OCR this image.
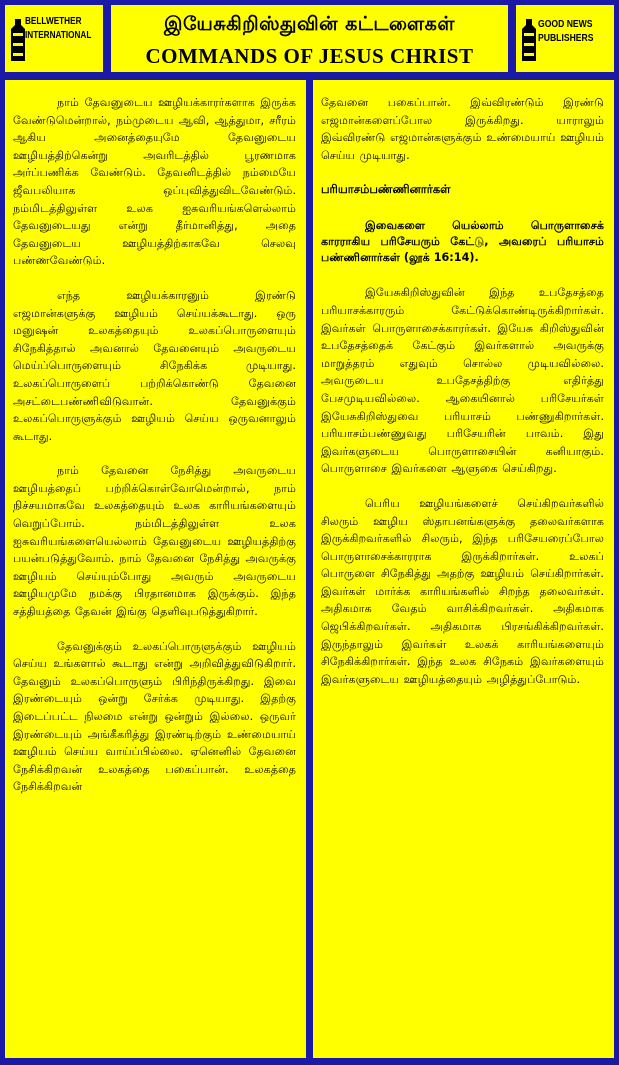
BELLWETHER
INTERNATIONAL
இயேசுகிறிஸ்துவின் கட்டளைகள்
COMMANDS OF JESUS CHRIST
GOOD NEWS
PUBLISHERS

நாம் தேவனுடைய ஊழியக்காரர்களாக இருக்க வேண்டுமென்றால், நம்முடைய ஆவி, ஆத்துமா, சரீரம் ஆகிய அனைத்தையுமே தேவனுடைய ஊழியத்திற்கென்று அவரிடத்தில் பூரணமாக அர்ப்பணிக்க வேண்டும். தேவனிடத்தில் நம்மையே ஜீவபலியாக ஒப்புவித்துவிடவேண்டும். நம்மிடத்திலுள்ள உலக ஐசுவரியங்களெல்லாம் தேவனுடையது என்று தீர்மானித்து, அதை தேவனுடைய ஊழியத்திற்காகவே செலவு பண்ணவேண்டும்.

எந்த ஊழியக்காரனும் இரண்டு எஜமான்களுக்கு ஊழியம் செய்யக்கூடாது. ஒரு மனுஷன் உலகத்தையும் உலகப்பொருளையும் சிநேகித்தால் அவனால் தேவனையும் அவருடைய மெய்ப்பொருளையும் சிநேகிக்க முடியாது. உலகப்பொருளைப் பற்றிக்கொண்டு தேவனை அசட்டைபண்ணிவிடுவான். தேவனுக்கும் உலகப்பொருளுக்கும் ஊழியம் செய்ய ஒருவனாலும் கூடாது.

நாம் தேவனை நேசித்து அவருடைய ஊழியத்தைப் பற்றிக்கொள்வோமென்றால், நாம் நிச்சயமாகவே உலகத்தையும் உலக காரியங்களையும் வெறுப்போம். நம்மிடத்திலுள்ள உலக ஐசுவரியங்களையெல்லாம் தேவனுடைய ஊழியத்திற்கு பயன்படுத்துவோம். நாம் தேவனை நேசித்து அவருக்கு ஊழியம் செய்யும்போது அவரும் அவருடைய ஊழியமுமே நமக்கு பிரதானமாக இருக்கும். இந்த சத்தியத்தை தேவன் இங்கு தெளிவுபடுத்துகிறார்.

தேவனுக்கும் உலகப்பொருளுக்கும் ஊழியம் செய்ய உங்களால் கூடாது என்று அறிவித்துவிடுகிறார். தேவனும் உலகப்பொருளும் பிரிந்திருக்கிறது. இவை இரண்டையும் ஒன்று சேர்க்க முடியாது. இதற்கு இடைப்பட்ட நிலமை என்று ஒன்றும் இல்லை. ஒருவர் இரண்டையும் அங்கீகரித்து இரண்டிற்கும் உண்மையாய் ஊழியம் செய்ய வாய்ப்பில்லை. ஏனெனில் தேவனை நேசிக்கிறவன் உலகத்தை பகைப்பான். உலகத்தை நேசிக்கிறவன்

தேவனை பகைப்பான். இவ்விரண்டும் இரண்டு எஜமான்களைப்போல இருக்கிறது. யாராலும் இவ்விரண்டு எஜமான்களுக்கும் உண்மையாய் ஊழியம் செய்ய முடியாது.

பரியாசம்பண்ணினார்கள்

இவைகளை யெல்லாம் பொருளாசைக் காரராகிய பரிசேயரும் கேட்டு, அவரைப் பரியாசம் பண்ணினார்கள் (லூக் 16:14).

இயேசுகிறிஸ்துவின் இந்த உபதேசத்தை பரியாசக்காரரும் கேட்டுக்கொண்டிருக்கிறார்கள். இவர்கள் பொருளாசைக்காரர்கள். இயேசு கிறிஸ்துவின் உபதேசத்தைக் கேட்கும் இவர்களால் அவருக்கு மாறுத்தரம் எதுவும் சொல்ல முடியவில்லை. அவருடைய உபதேசத்திற்கு எதிர்த்து பேசமுடியவில்லை. ஆகையினால் பரிசேயர்கள் இயேசுகிறிஸ்துவை பரியாசம் பண்ணுகிறார்கள். பரியாசம்பண்ணுவது பரிசேயரின் பாவம். இது இவர்களுடைய பொருளாசையின் கனியாகும். பொருளாசை இவர்களை ஆளுகை செய்கிறது.

பெரிய ஊழியங்களைச் செய்கிறவர்களில் சிலரும் ஊழிய ஸ்தாபனங்களுக்கு தலைவர்களாக இருக்கிறவர்களில் சிலரும், இந்த பரிசேயரைப்போல பொருளாசைக்காரராக இருக்கிறார்கள். உலகப் பொருளை சிநேகித்து அதற்கு ஊழியம் செய்கிறார்கள். இவர்கள் மார்க்க காரியங்களில் சிறந்த தலைவர்கள். அதிகமாக வேதம் வாசிக்கிறவர்கள். அதிகமாக ஜெபிக்கிறவர்கள். அதிகமாக பிரசங்கிக்கிறவர்கள். இருந்தாலும் இவர்கள் உலகக் காரியங்களையும் சிநேகிக்கிறார்கள். இந்த உலக சிநேகம் இவர்களையும் இவர்களுடைய ஊழியத்தையும் அழித்துப்போடும்.
